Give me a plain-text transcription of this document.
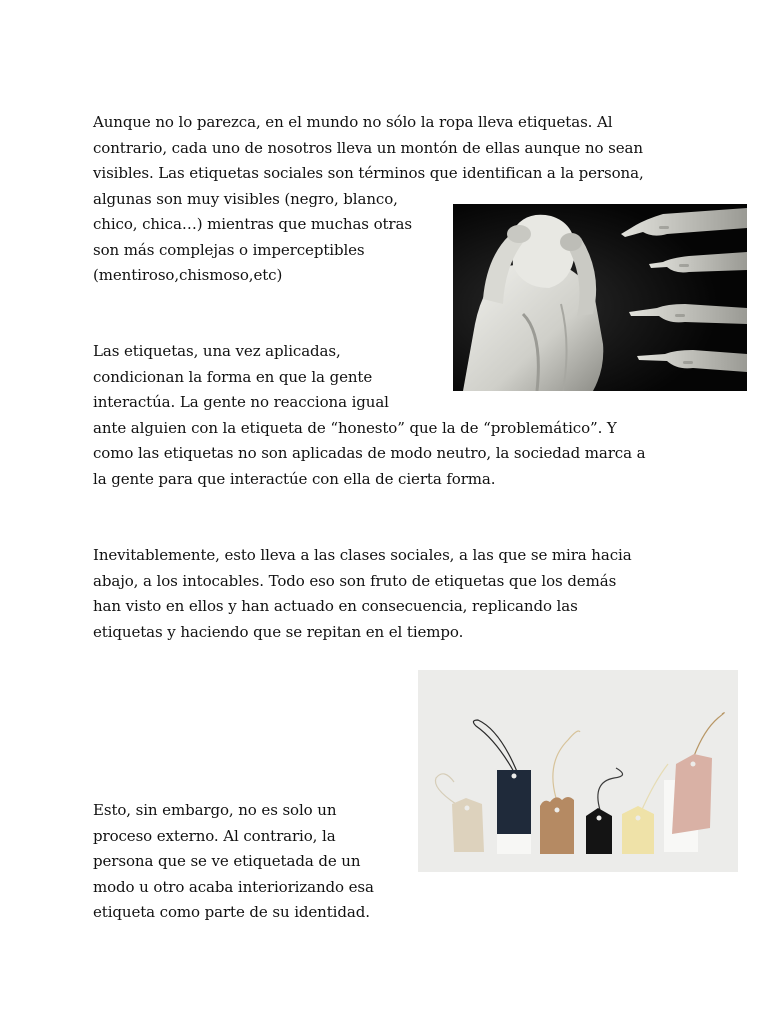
Aunque no lo parezca, en el mundo no sólo la ropa lleva etiquetas. Al
contrario, cada uno de nosotros lleva un montón de ellas aunque no sean
visibles. Las etiquetas sociales son términos que identifican a la persona,
algunas son muy visibles (negro, blanco,
chico, chica…) mientras que muchas otras
son más complejas o imperceptibles
(mentiroso,chismoso,etc)
Las etiquetas, una vez aplicadas,
condicionan la forma en que la gente
interactúa. La gente no reacciona igual
ante alguien con la etiqueta de “honesto” que la de “problemático”. Y
como las etiquetas no son aplicadas de modo neutro, la sociedad marca a
la gente para que interactúe con ella de cierta forma.
Inevitablemente, esto lleva a las clases sociales, a las que se mira hacia
abajo, a los intocables. Todo eso son fruto de etiquetas que los demás
han visto en ellos y han actuado en consecuencia, replicando las
etiquetas y haciendo que se repitan en el tiempo.
Esto, sin embargo, no es solo un
proceso externo. Al contrario, la
persona que se ve etiquetada de un
modo u otro acaba interiorizando esa
etiqueta como parte de su identidad.
